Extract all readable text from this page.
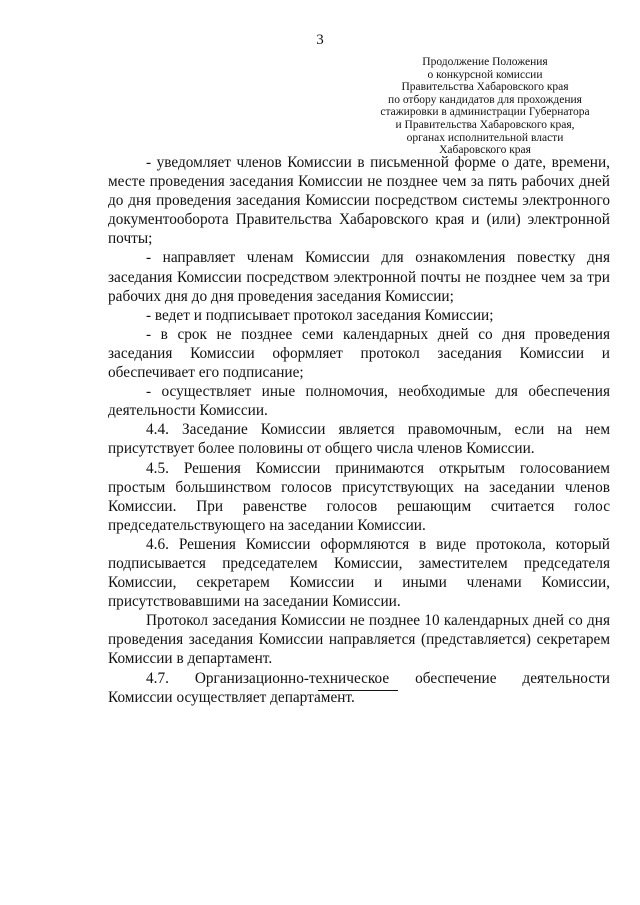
3
Продолжение Положения
о конкурсной комиссии
Правительства Хабаровского края
по отбору кандидатов для прохождения
стажировки в администрации Губернатора
и Правительства Хабаровского края,
органах исполнительной власти
Хабаровского края

- уведомляет членов Комиссии в письменной форме о дате, времени, месте проведения заседания Комиссии не позднее чем за пять рабочих дней до дня проведения заседания Комиссии посредством системы электронного документооборота Правительства Хабаровского края и (или) электронной почты;

- направляет членам Комиссии для ознакомления повестку дня заседания Комиссии посредством электронной почты не позднее чем за три рабочих дня до дня проведения заседания Комиссии;

- ведет и подписывает протокол заседания Комиссии;

- в срок не позднее семи календарных дней со дня проведения заседания Комиссии оформляет протокол заседания Комиссии и обеспечивает его подписание;

- осуществляет иные полномочия, необходимые для обеспечения деятельности Комиссии.

4.4. Заседание Комиссии является правомочным, если на нем присутствует более половины от общего числа членов Комиссии.

4.5. Решения Комиссии принимаются открытым голосованием простым большинством голосов присутствующих на заседании членов Комиссии. При равенстве голосов решающим считается голос председательствующего на заседании Комиссии.

4.6. Решения Комиссии оформляются в виде протокола, который подписывается председателем Комиссии, заместителем председателя Комиссии, секретарем Комиссии и иными членами Комиссии, присутствовавшими на заседании Комиссии.

Протокол заседания Комиссии не позднее 10 календарных дней со дня проведения заседания Комиссии направляется (представляется) секретарем Комиссии в департамент.

4.7. Организационно-техническое обеспечение деятельности Комиссии осуществляет департамент.
